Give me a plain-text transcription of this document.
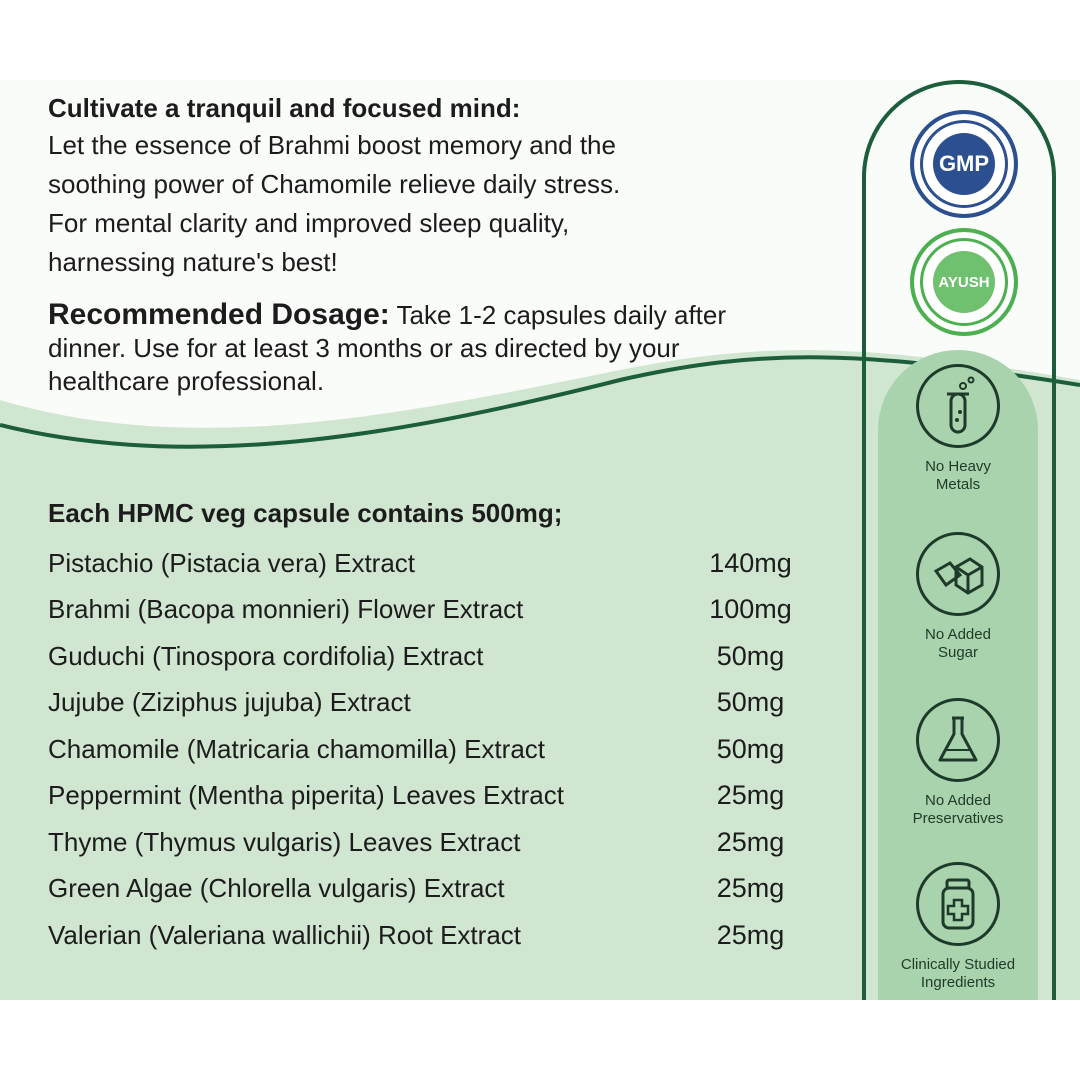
Cultivate a tranquil and focused mind:
Let the essence of Brahmi boost memory and the
soothing power of Chamomile relieve daily stress.
For mental clarity and improved sleep quality,
harnessing nature's best!
Recommended Dosage: Take 1-2 capsules daily after dinner. Use for at least 3 months or as directed by your healthcare professional.
Each HPMC veg capsule contains 500mg;
Pistachio (Pistacia vera) Extract	140mg
Brahmi (Bacopa monnieri) Flower Extract	100mg
Guduchi (Tinospora cordifolia) Extract	50mg
Jujube (Ziziphus jujuba) Extract	50mg
Chamomile (Matricaria chamomilla) Extract	50mg
Peppermint (Mentha piperita) Leaves Extract	25mg
Thyme (Thymus vulgaris) Leaves Extract	25mg
Green Algae (Chlorella vulgaris) Extract	25mg
Valerian (Valeriana wallichii) Root Extract	25mg
GMP
AYUSH
No Heavy
Metals
No Added
Sugar
No Added
Preservatives
Clinically Studied
Ingredients
